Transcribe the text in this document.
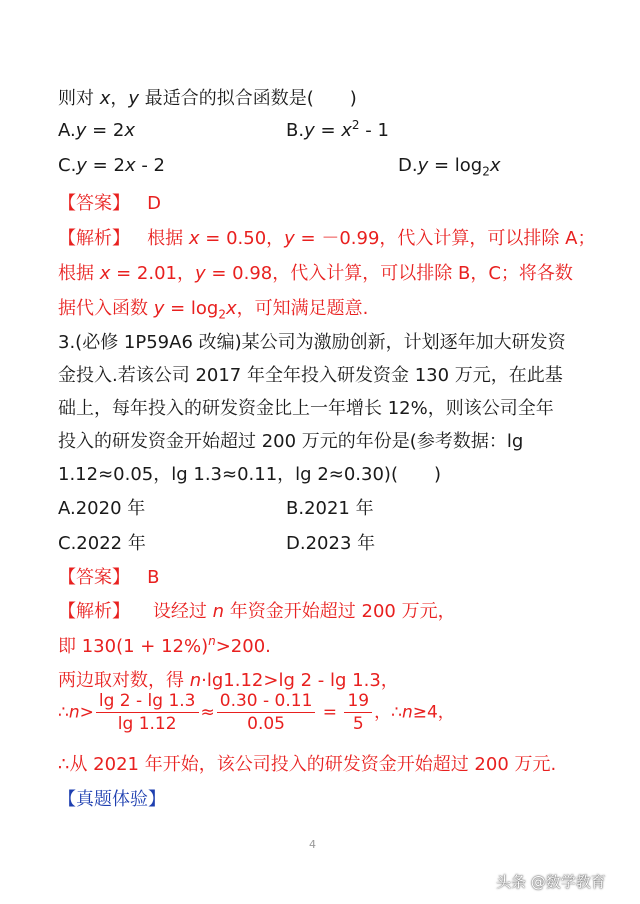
则对 x，y 最适合的拟合函数是(　　)
A.y = 2x	$B.y = x^2 - 1$
C.y = 2x - 2	$D.y = \log_2x$
【答案】 D
【解析】 根据 x = 0.50，y = －0.99，代入计算，可以排除 A；
根据 x = 2.01，y = 0.98，代入计算，可以排除 B，C；将各数
据代入函数 $y = \log_2x$，可知满足题意.
3.(必修 1P59A6 改编)某公司为激励创新，计划逐年加大研发资
金投入.若该公司 2017 年全年投入研发资金 130 万元，在此基
础上，每年投入的研发资金比上一年增长 12%，则该公司全年
投入的研发资金开始超过 200 万元的年份是(参考数据：lg
1.12≈0.05，lg 1.3≈0.11，lg 2≈0.30)(　　)
A.2020 年	B.2021 年
C.2022 年	D.2023 年
【答案】 B
【解析】 设经过 n 年资金开始超过 200 万元，
即 $130(1 + 12\%)^n>200$.
两边取对数，得 n·lg1.12>lg 2 - lg 1.3，
∴n> $\frac{\lg 2 - \lg 1.3}{\lg 1.12} \approx \frac{0.30 - 0.11}{0.05} = \frac{19}{5}$ ，∴n≥4，
∴从 2021 年开始，该公司投入的研发资金开始超过 200 万元.
【真题体验】
4
头条 @数学教育
